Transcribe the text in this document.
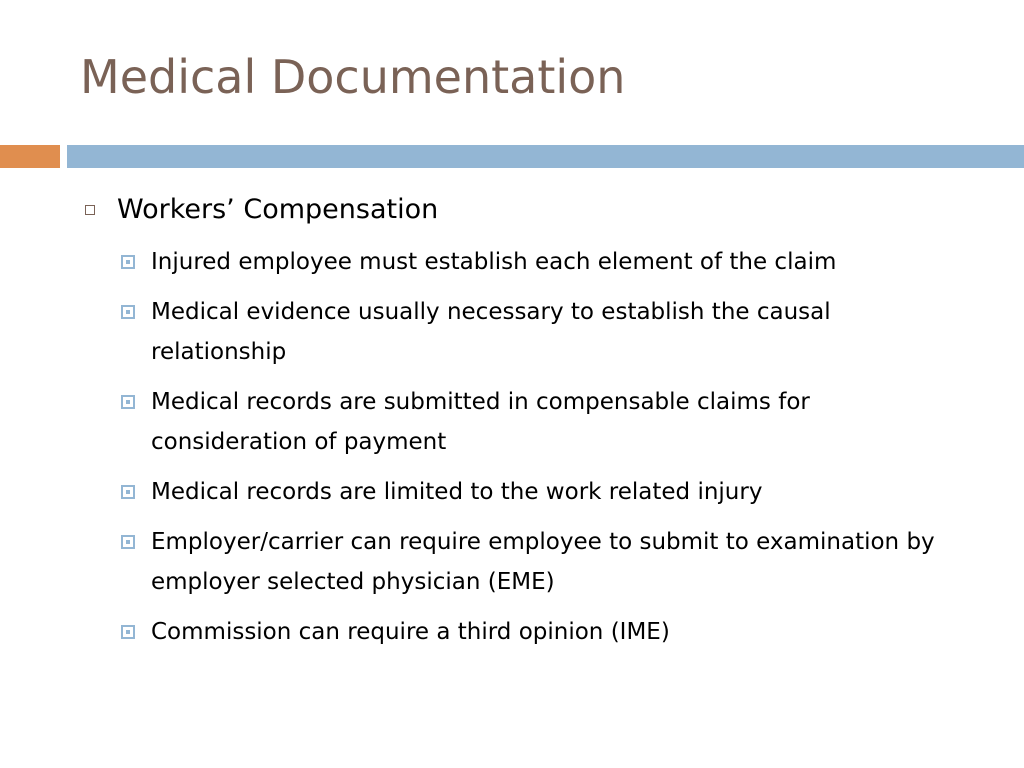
Medical Documentation
Workers’ Compensation
Injured employee must establish each element of the claim
Medical evidence usually necessary to establish the causal relationship
Medical records are submitted in compensable claims for consideration of payment
Medical records are limited to the work related injury
Employer/carrier can require employee to submit to examination by employer selected physician (EME)
Commission can require a third opinion (IME)
